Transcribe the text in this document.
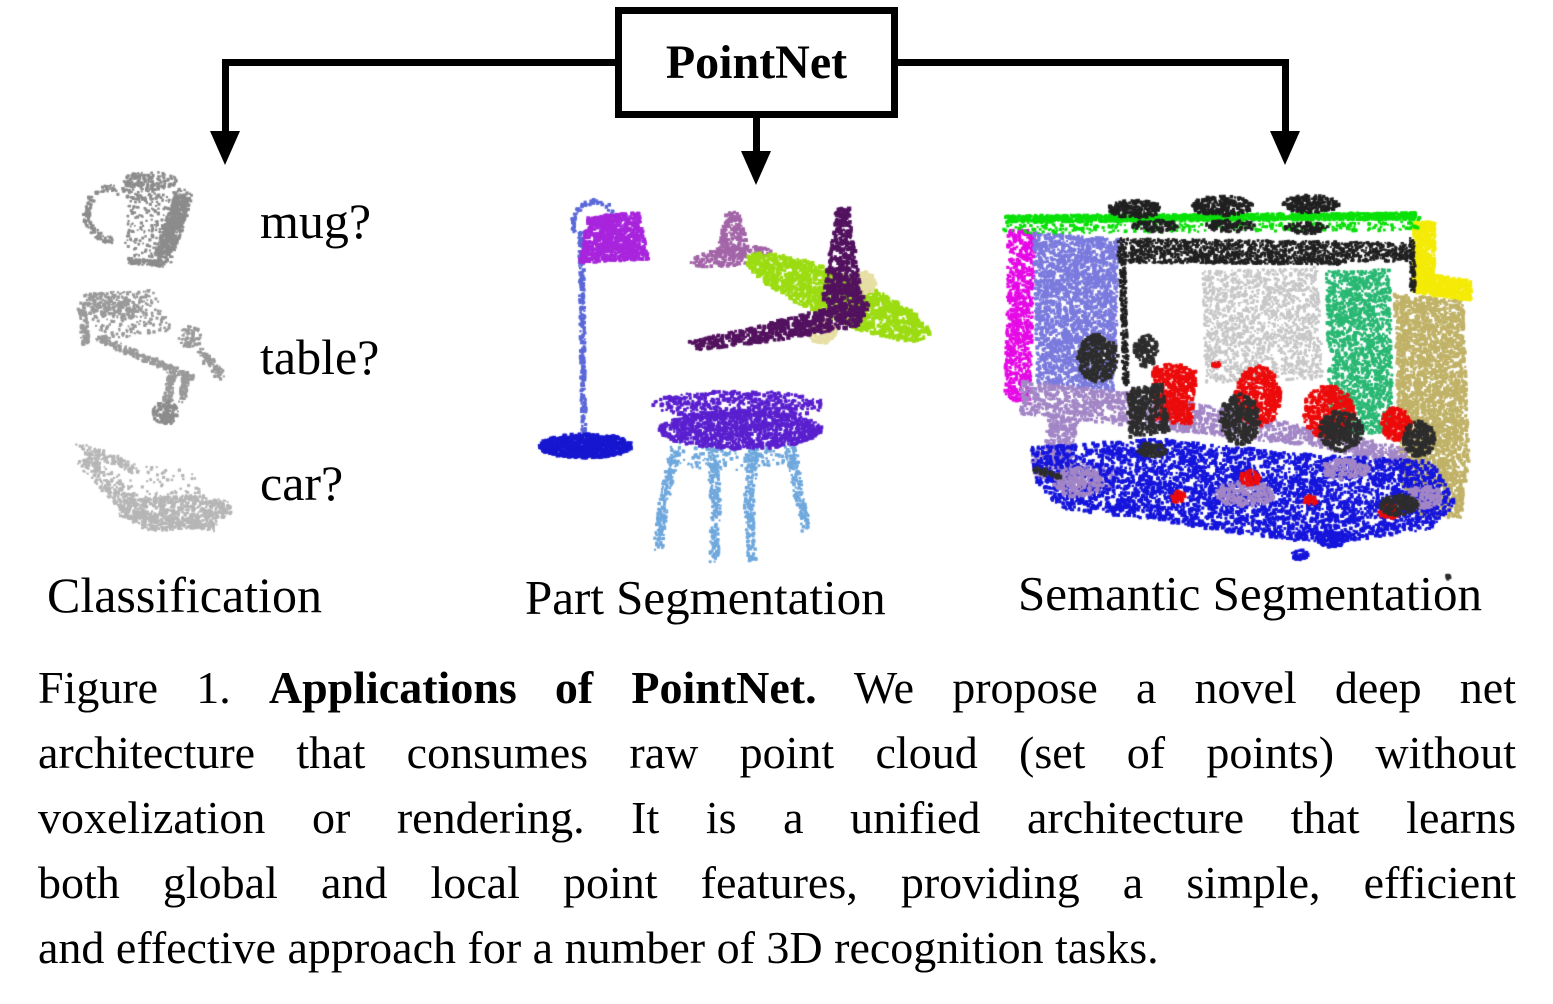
PointNet
mug?
table?
car?
Classification	Part Segmentation	Semantic Segmentation
Figure 1. Applications of PointNet. We propose a novel deep net
architecture that consumes raw point cloud (set of points) without
voxelization or rendering. It is a unified architecture that learns
both global and local point features, providing a simple, efficient
and effective approach for a number of 3D recognition tasks.
